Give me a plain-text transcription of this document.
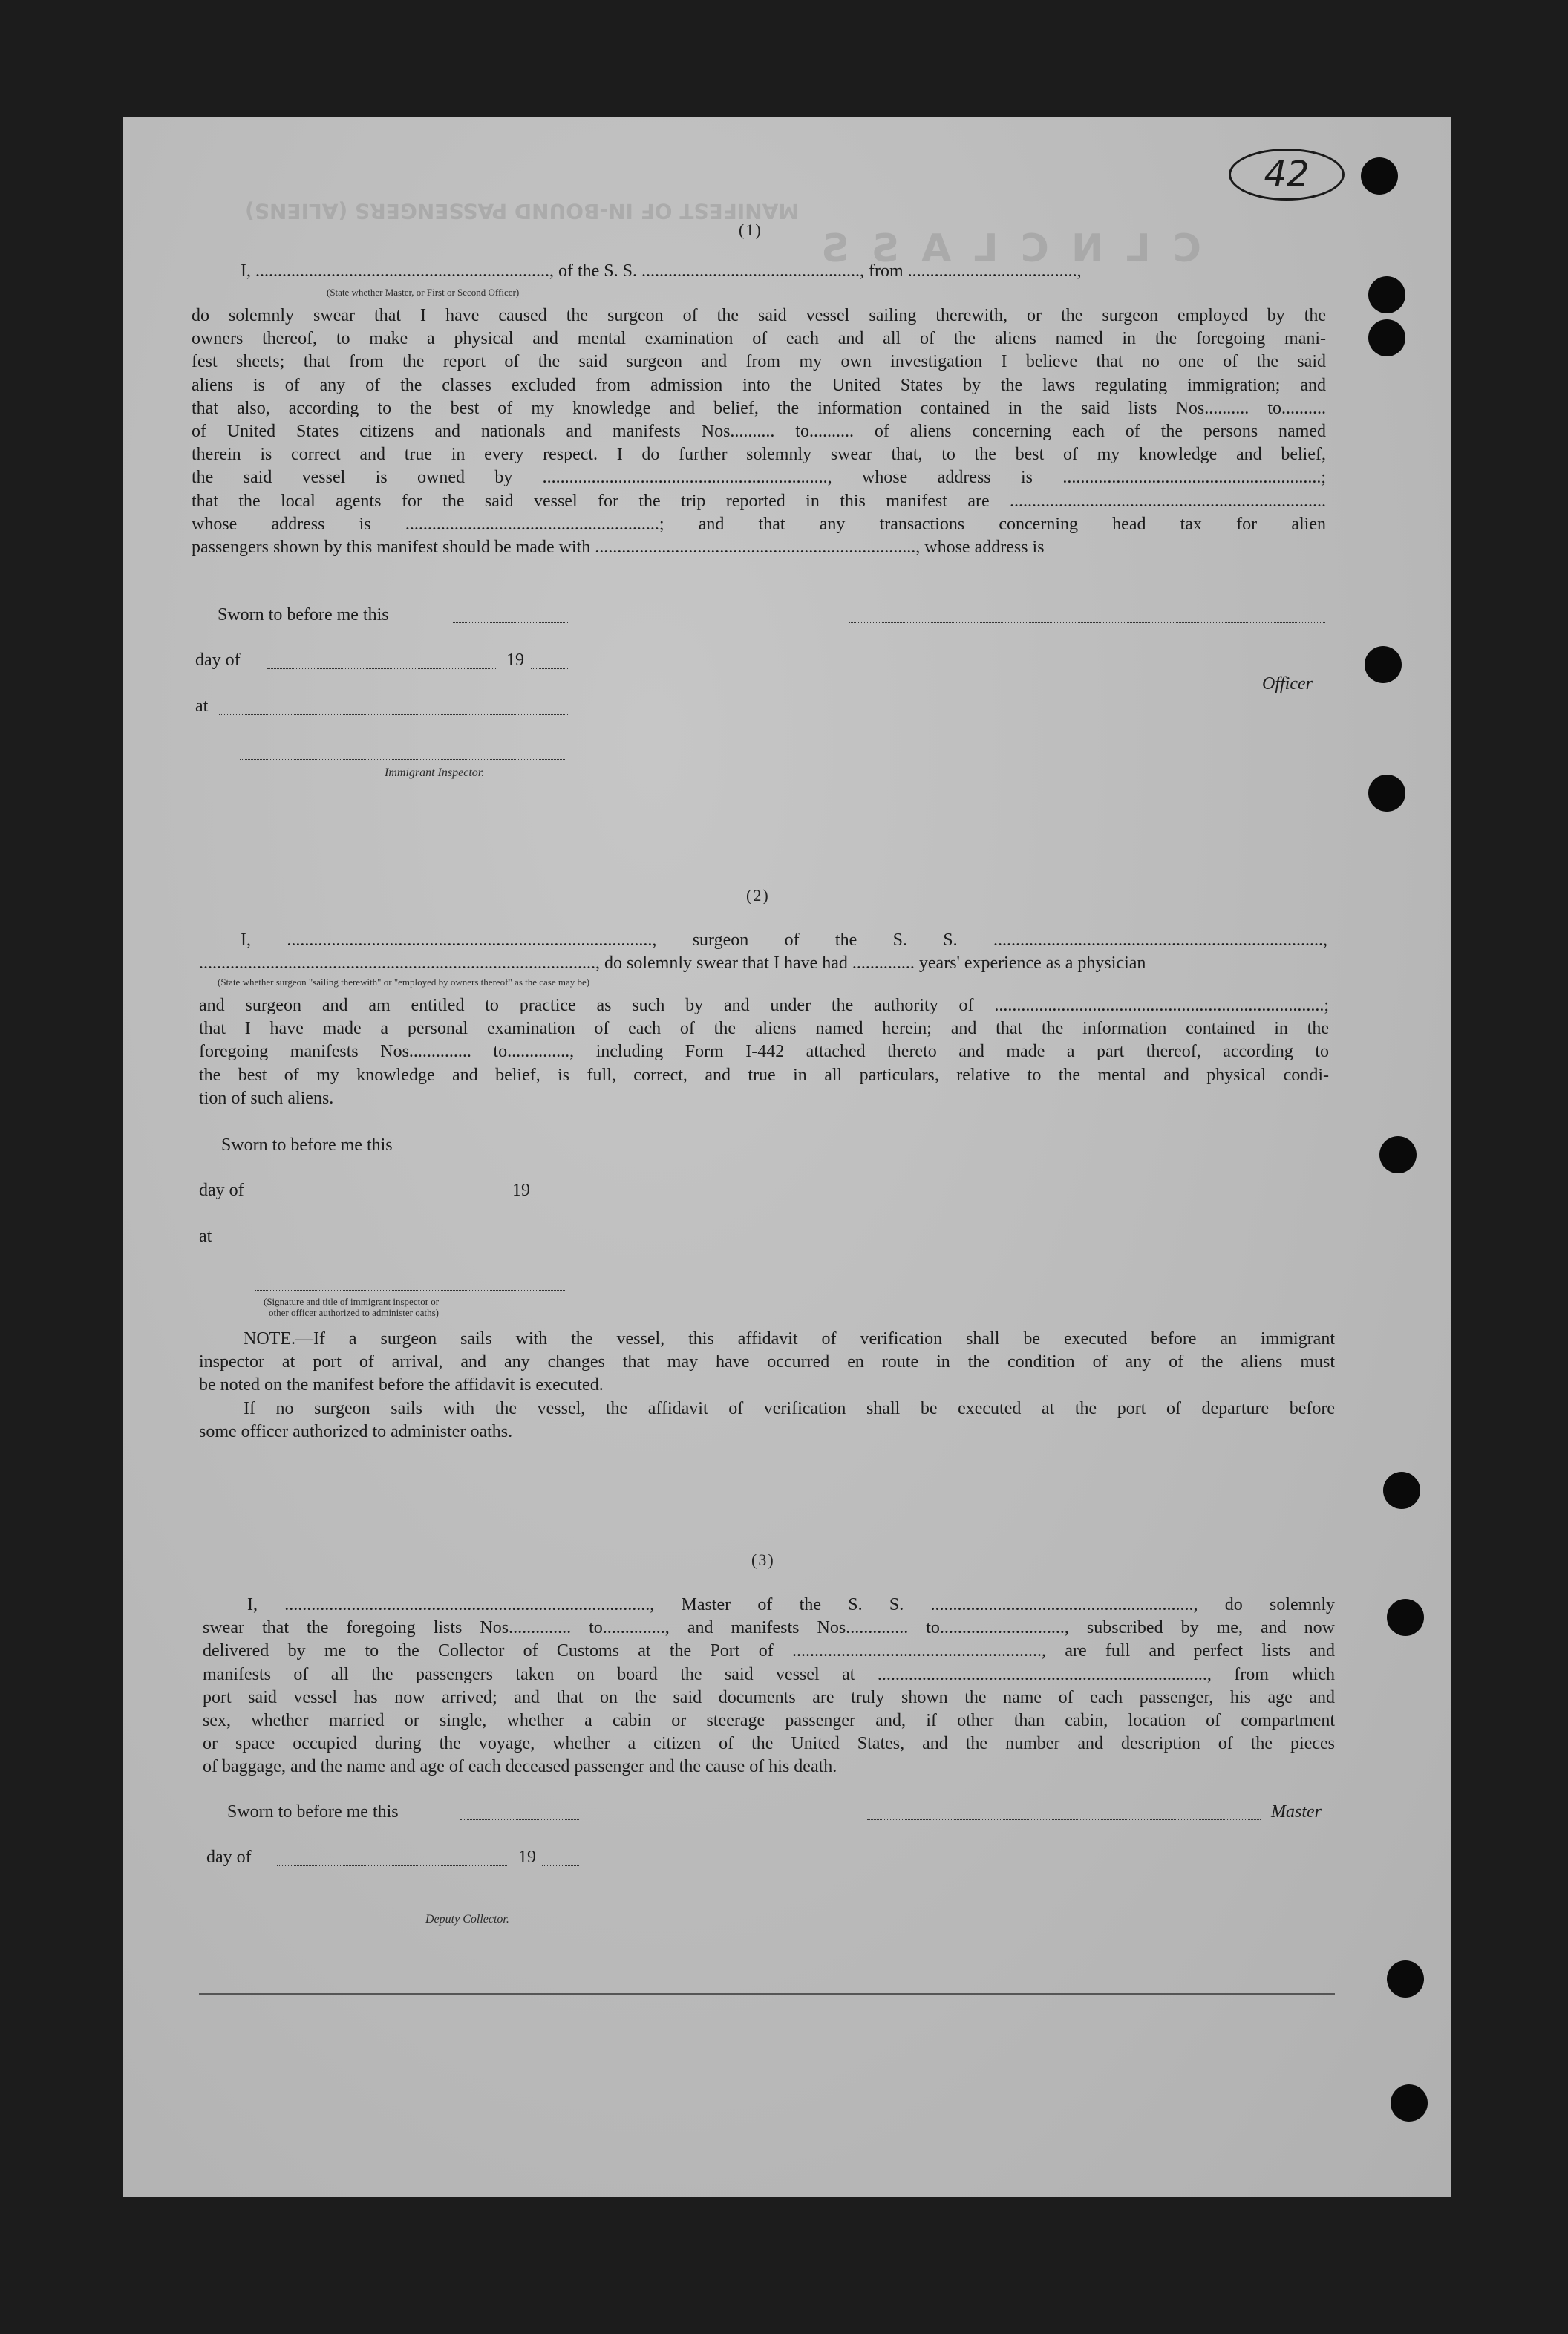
42
MANIFEST OF IN-BOUND PASSENGERS (ALIENS)
C L N C L A S S
(1)
I, .................................................................., of the S. S. ................................................., from ......................................,
(State whether Master, or First or Second Officer)
do solemnly swear that I have caused the surgeon of the said vessel sailing therewith, or the surgeon employed by the
owners thereof, to make a physical and mental examination of each and all of the aliens named in the foregoing mani-
fest sheets; that from the report of the said surgeon and from my own investigation I believe that no one of the said
aliens is of any of the classes excluded from admission into the United States by the laws regulating immigration; and
that also, according to the best of my knowledge and belief, the information contained in the said lists Nos.......... to..........
of United States citizens and nationals and manifests Nos.......... to.......... of aliens concerning each of the persons named
therein is correct and true in every respect. I do further solemnly swear that, to the best of my knowledge and belief,
the said vessel is owned by ................................................................, whose address is ..........................................................;
that the local agents for the said vessel for the trip reported in this manifest are .......................................................................
whose address is .........................................................; and that any transactions concerning head tax for alien
passengers shown by this manifest should be made with ........................................................................, whose address is
Sworn to before me this
day of	19
Officer
at
Immigrant Inspector.
(2)
I, .................................................................................., surgeon of the S. S. ..........................................................................,
........................................................................................., do solemnly swear that I have had .............. years' experience as a physician
(State whether surgeon "sailing therewith" or "employed by owners thereof" as the case may be)
and surgeon and am entitled to practice as such by and under the authority of ..........................................................................;
that I have made a personal examination of each of the aliens named herein; and that the information contained in the
foregoing manifests Nos.............. to.............., including Form I-442 attached thereto and made a part thereof, according to
the best of my knowledge and belief, is full, correct, and true in all particulars, relative to the mental and physical condi-
tion of such aliens.
Sworn to before me this
day of	19
at
(Signature and title of immigrant inspector or
other officer authorized to administer oaths)
NOTE.—If a surgeon sails with the vessel, this affidavit of verification shall be executed before an immigrant
inspector at port of arrival, and any changes that may have occurred en route in the condition of any of the aliens must
be noted on the manifest before the affidavit is executed.
If no surgeon sails with the vessel, the affidavit of verification shall be executed at the port of departure before
some officer authorized to administer oaths.
(3)
I, .................................................................................., Master of the S. S. ..........................................................., do solemnly
swear that the foregoing lists Nos.............. to.............., and manifests Nos.............. to............................, subscribed by me, and now
delivered by me to the Collector of Customs at the Port of ........................................................, are full and perfect lists and
manifests of all the passengers taken on board the said vessel at .........................................................................., from which
port said vessel has now arrived; and that on the said documents are truly shown the name of each passenger, his age and
sex, whether married or single, whether a cabin or steerage passenger and, if other than cabin, location of compartment
or space occupied during the voyage, whether a citizen of the United States, and the number and description of the pieces
of baggage, and the name and age of each deceased passenger and the cause of his death.
Sworn to before me this	Master
day of	19
Deputy Collector.
